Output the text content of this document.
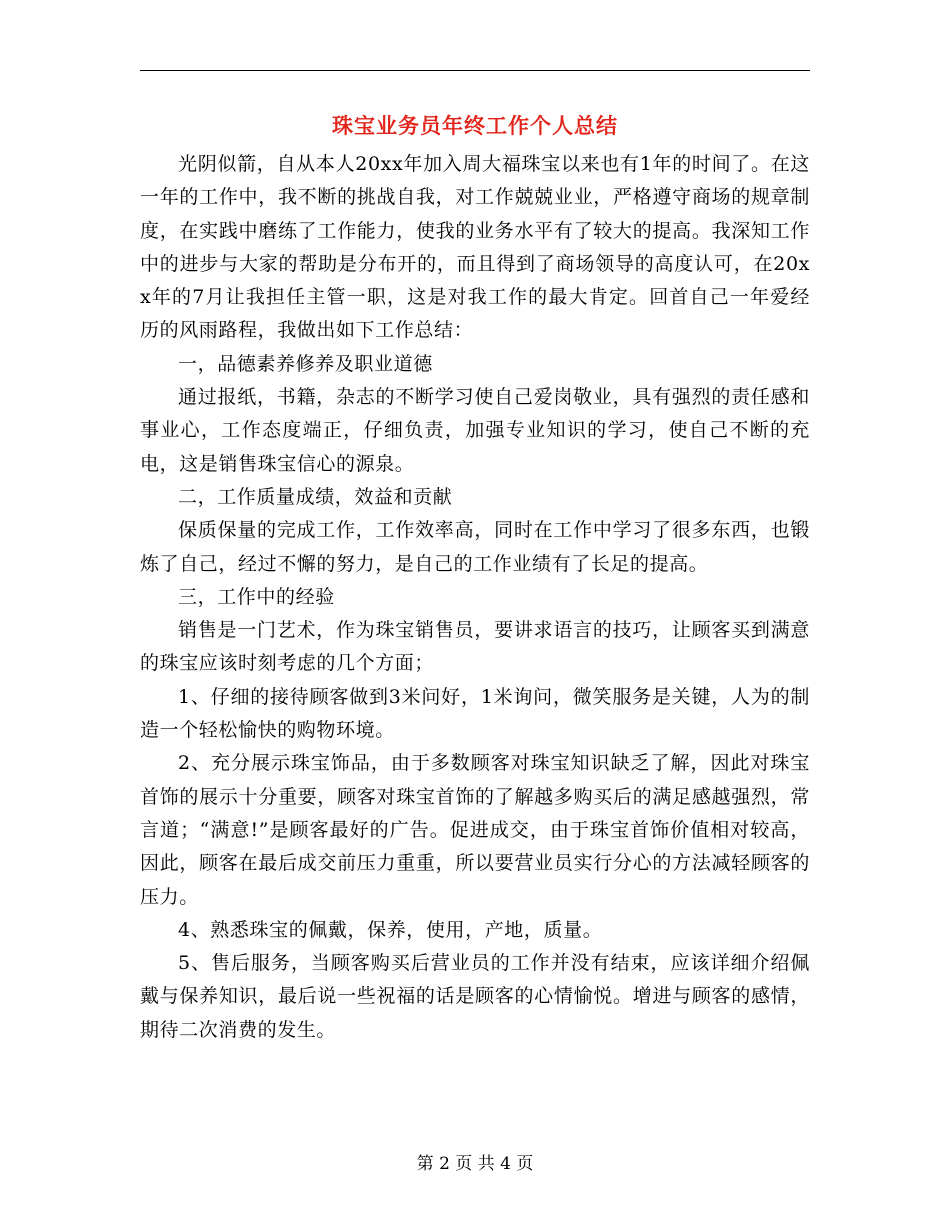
珠宝业务员年终工作个人总结

光阴似箭，自从本人20xx年加入周大福珠宝以来也有1年的时间了。在这一年的工作中，我不断的挑战自我，对工作兢兢业业，严格遵守商场的规章制度，在实践中磨练了工作能力，使我的业务水平有了较大的提高。我深知工作中的进步与大家的帮助是分布开的，而且得到了商场领导的高度认可，在20xx年的7月让我担任主管一职，这是对我工作的最大肯定。回首自己一年爱经历的风雨路程，我做出如下工作总结：

一，品德素养修养及职业道德

通过报纸，书籍，杂志的不断学习使自己爱岗敬业，具有强烈的责任感和事业心，工作态度端正，仔细负责，加强专业知识的学习，使自己不断的充电，这是销售珠宝信心的源泉。

二，工作质量成绩，效益和贡献

保质保量的完成工作，工作效率高，同时在工作中学习了很多东西，也锻炼了自己，经过不懈的努力，是自己的工作业绩有了长足的提高。

三，工作中的经验

销售是一门艺术，作为珠宝销售员，要讲求语言的技巧，让顾客买到满意的珠宝应该时刻考虑的几个方面；

1、仔细的接待顾客做到3米问好，1米询问，微笑服务是关键，人为的制造一个轻松愉快的购物环境。

2、充分展示珠宝饰品，由于多数顾客对珠宝知识缺乏了解，因此对珠宝首饰的展示十分重要，顾客对珠宝首饰的了解越多购买后的满足感越强烈，常言道；“满意!”是顾客最好的广告。促进成交，由于珠宝首饰价值相对较高，因此，顾客在最后成交前压力重重，所以要营业员实行分心的方法减轻顾客的压力。

4、熟悉珠宝的佩戴，保养，使用，产地，质量。

5、售后服务，当顾客购买后营业员的工作并没有结束，应该详细介绍佩戴与保养知识，最后说一些祝福的话是顾客的心情愉悦。增进与顾客的感情，期待二次消费的发生。

第 2 页 共 4 页
